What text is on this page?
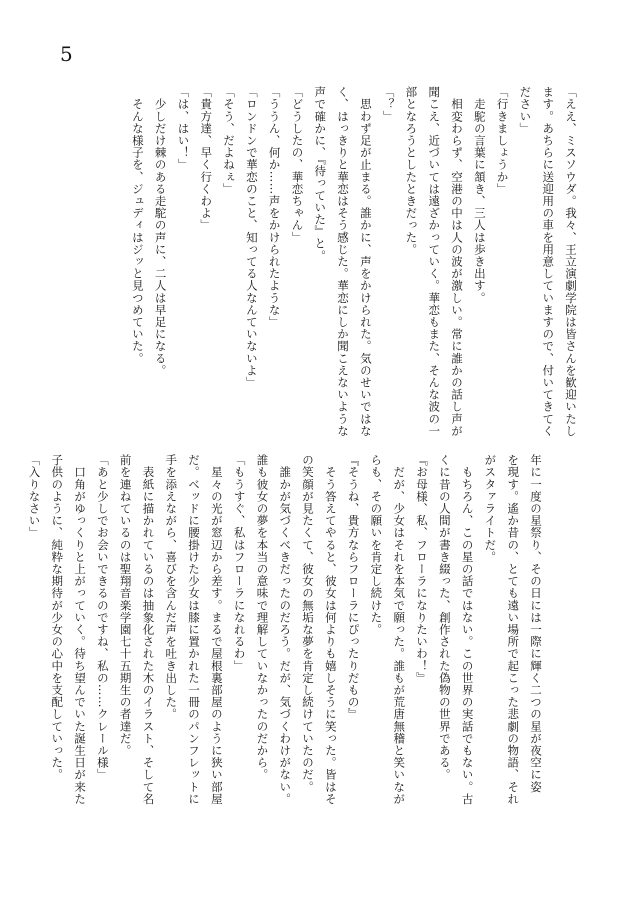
5

「ええ、ミスソウダ。我々、王立演劇学院は皆さんを歓迎いたし

ます。あちらに送迎用の車を用意していますので、付いてきてく

ださい」

「行きましょうか」

　走駝の言葉に頷き、三人は歩き出す。

　相変わらず、空港の中は人の波が激しい。常に誰かの話し声が

聞こえ、近づいては遠ざかっていく。華恋もまた、そんな波の一

部となろうとしたときだった。

「？」

　思わず足が止まる。誰かに、声をかけられた。気のせいではな

く、はっきりと華恋はそう感じた。華恋にしか聞こえないような

声で確かに、『待っていた』と。

「どうしたの、華恋ちゃん」

「ううん、何か……声をかけられたような」

「ロンドンで華恋のこと、知ってる人なんていないよ」

「そう、だよねぇ」

「貴方達、早く行くわよ」

「は、はい！」

　少しだけ棘のある走駝の声に、二人は早足になる。

　そんな様子を、ジュディはジッと見つめていた。

年に一度の星祭り、その日には一際に輝く二つの星が夜空に姿

を現す。遙か昔の、とても遠い場所で起こった悲劇の物語、それ

がスタァライトだ。

　もちろん、この星の話ではない。この世界の実話でもない。古

くに昔の人間が書き綴った、創作された偽物の世界である。

『お母様、私、フローラになりたいわ！』

　だが、少女はそれを本気で願った。誰もが荒唐無稽と笑いなが

らも、その願いを肯定し続けた。

『そうね、貴方ならフローラにぴったりだもの』

　そう答えてやると、彼女は何よりも嬉しそうに笑った。皆はそ

の笑顔が見たくて、彼女の無垢な夢を肯定し続けていたのだ。

　誰かが気づくべきだったのだろう。だが、気づくわけがない。

誰も彼女の夢を本当の意味で理解していなかったのだから。

「もうすぐ、私はフローラになれるわ」

　星々の光が窓辺から差す。まるで屋根裏部屋のように狭い部屋

だ。ベッドに腰掛けた少女は膝に置かれた一冊のパンフレットに

手を添えながら、喜びを含んだ声を吐き出した。

　表紙に描かれているのは抽象化された木のイラスト、そして名

前を連ねているのは聖翔音楽学園七十五期生の者達だ。

「あと少しでお会いできるのですね、私の……クレール様」

　口角がゆっくりと上がっていく。待ち望んでいた誕生日が来た

子供のように、純粋な期待が少女の心中を支配していった。

「入りなさい」
